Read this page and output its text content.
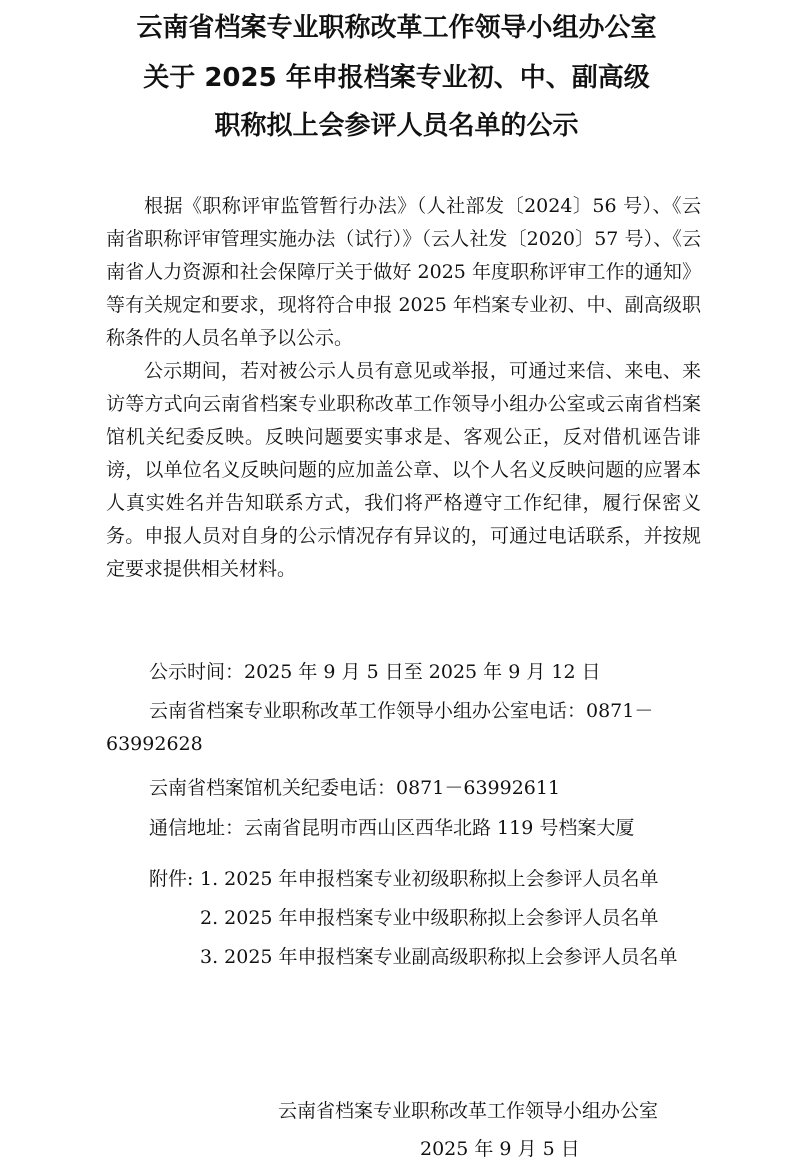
云南省档案专业职称改革工作领导小组办公室
关于 2025 年申报档案专业初、中、副高级
职称拟上会参评人员名单的公示

根据《职称评审监管暂行办法》（人社部发〔2024〕56 号）、《云南省职称评审管理实施办法（试行）》（云人社发〔2020〕57 号）、《云南省人力资源和社会保障厅关于做好 2025 年度职称评审工作的通知》等有关规定和要求，现将符合申报 2025 年档案专业初、中、副高级职称条件的人员名单予以公示。

公示期间，若对被公示人员有意见或举报，可通过来信、来电、来访等方式向云南省档案专业职称改革工作领导小组办公室或云南省档案馆机关纪委反映。反映问题要实事求是、客观公正，反对借机诬告诽谤，以单位名义反映问题的应加盖公章、以个人名义反映问题的应署本人真实姓名并告知联系方式，我们将严格遵守工作纪律，履行保密义务。申报人员对自身的公示情况存有异议的，可通过电话联系，并按规定要求提供相关材料。

公示时间：2025 年 9 月 5 日至 2025 年 9 月 12 日
云南省档案专业职称改革工作领导小组办公室电话：0871－
63992628
云南省档案馆机关纪委电话：0871－63992611
通信地址：云南省昆明市西山区西华北路 119 号档案大厦
附件: 1. 2025 年申报档案专业初级职称拟上会参评人员名单
2. 2025 年申报档案专业中级职称拟上会参评人员名单
3. 2025 年申报档案专业副高级职称拟上会参评人员名单
云南省档案专业职称改革工作领导小组办公室
2025 年 9 月 5 日
